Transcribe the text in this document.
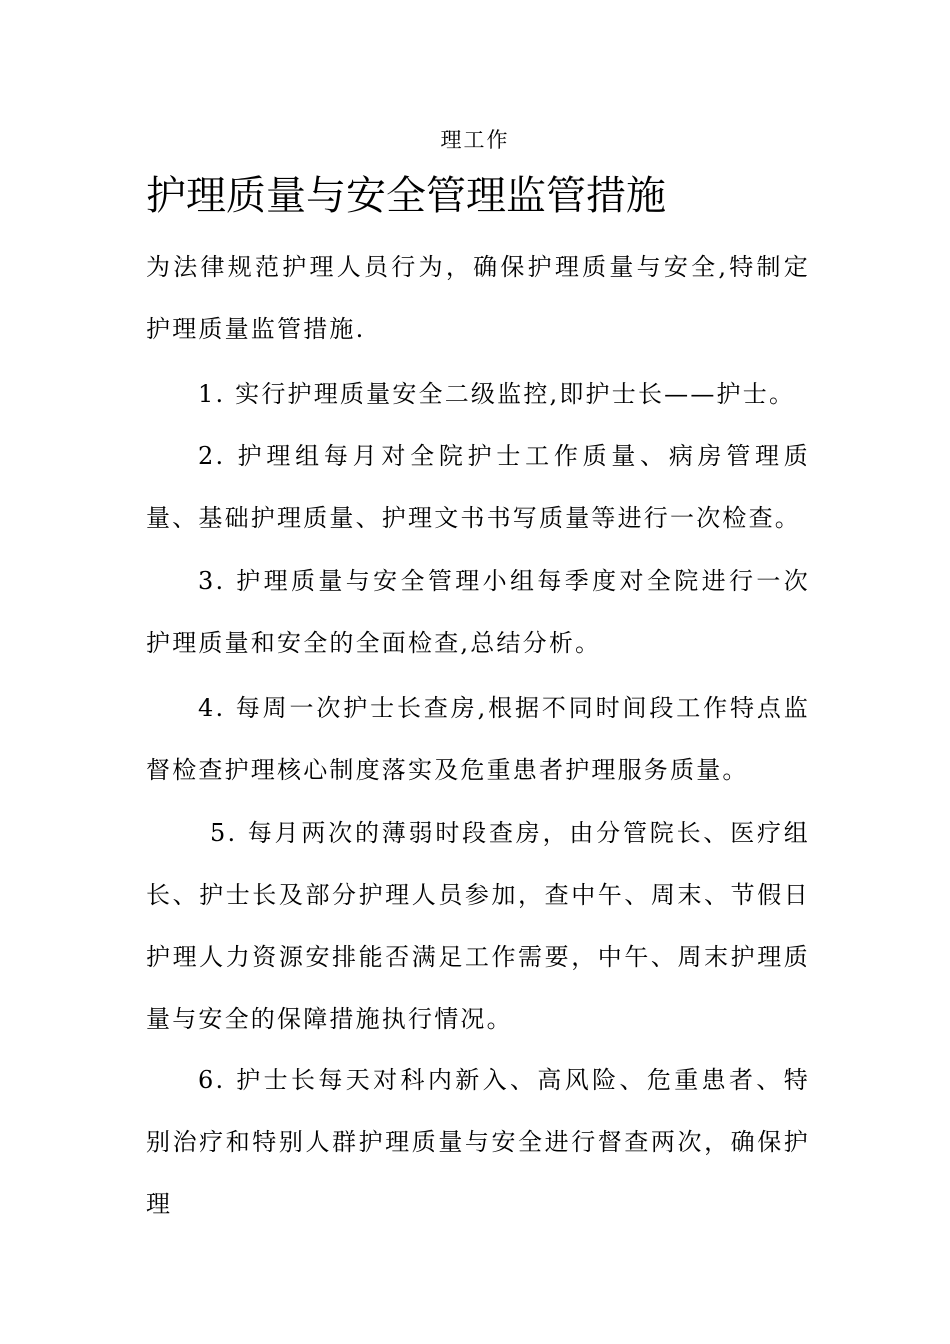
理工作
护理质量与安全管理监管措施

为法律规范护理人员行为，确保护理质量与安全,特制定护理质量监管措施.

1. 实行护理质量安全二级监控,即护士长——护士。

2. 护理组每月对全院护士工作质量、病房管理质量、基础护理质量、护理文书书写质量等进行一次检查。

3. 护理质量与安全管理小组每季度对全院进行一次护理质量和安全的全面检查,总结分析。

4. 每周一次护士长查房,根据不同时间段工作特点监督检查护理核心制度落实及危重患者护理服务质量。

5. 每月两次的薄弱时段查房，由分管院长、医疗组长、护士长及部分护理人员参加，查中午、周末、节假日护理人力资源安排能否满足工作需要，中午、周末护理质量与安全的保障措施执行情况。

6. 护士长每天对科内新入、高风险、危重患者、特别治疗和特别人群护理质量与安全进行督查两次，确保护理
